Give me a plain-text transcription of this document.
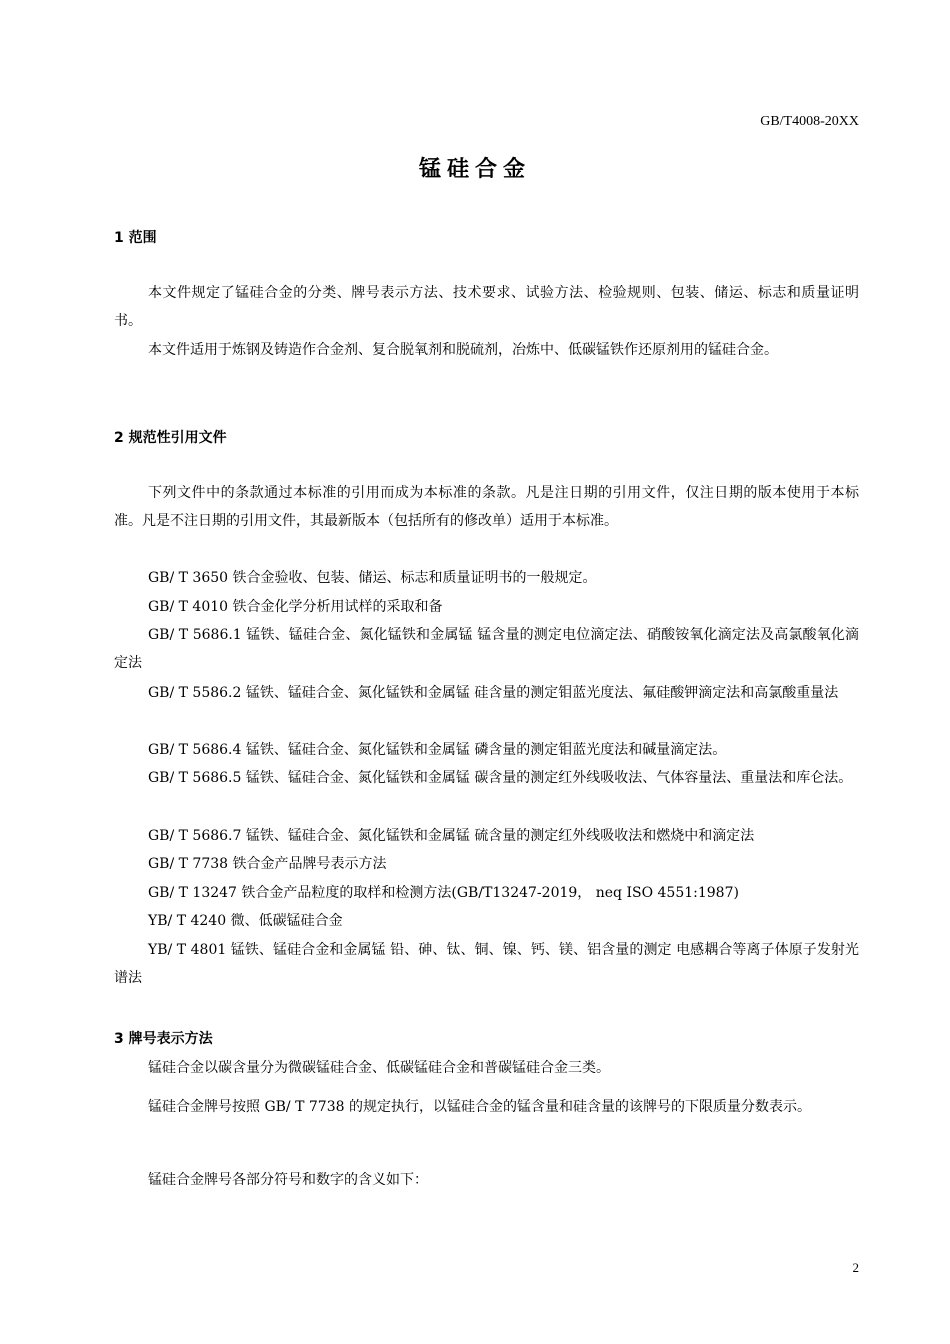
GB/T4008-20XX
锰硅合金
1 范围

本文件规定了锰硅合金的分类、牌号表示方法、技术要求、试验方法、检验规则、包装、储运、标志和质量证明书。

本文件适用于炼钢及铸造作合金剂、复合脱氧剂和脱硫剂，冶炼中、低碳锰铁作还原剂用的锰硅合金。

2 规范性引用文件

下列文件中的条款通过本标准的引用而成为本标准的条款。凡是注日期的引用文件，仅注日期的版本使用于本标准。凡是不注日期的引用文件，其最新版本（包括所有的修改单）适用于本标准。

GB/ T 3650 铁合金验收、包装、储运、标志和质量证明书的一般规定。

GB/ T 4010 铁合金化学分析用试样的采取和备

GB/ T 5686.1 锰铁、锰硅合金、氮化锰铁和金属锰 锰含量的测定电位滴定法、硝酸铵氧化滴定法及高氯酸氧化滴定法

GB/ T 5586.2 锰铁、锰硅合金、氮化锰铁和金属锰 硅含量的测定钼蓝光度法、氟硅酸钾滴定法和高氯酸重量法

GB/ T 5686.4 锰铁、锰硅合金、氮化锰铁和金属锰 磷含量的测定钼蓝光度法和碱量滴定法。

GB/ T 5686.5 锰铁、锰硅合金、氮化锰铁和金属锰 碳含量的测定红外线吸收法、气体容量法、重量法和库仑法。

GB/ T 5686.7 锰铁、锰硅合金、氮化锰铁和金属锰 硫含量的测定红外线吸收法和燃烧中和滴定法

GB/ T 7738 铁合金产品牌号表示方法

GB/ T 13247 铁合金产品粒度的取样和检测方法(GB/T13247-2019， neq ISO 4551:1987)

YB/ T 4240 微、低碳锰硅合金

YB/ T 4801 锰铁、锰硅合金和金属锰 铅、砷、钛、铜、镍、钙、镁、铝含量的测定 电感耦合等离子体原子发射光谱法

3 牌号表示方法

锰硅合金以碳含量分为微碳锰硅合金、低碳锰硅合金和普碳锰硅合金三类。

锰硅合金牌号按照 GB/ T 7738 的规定执行，以锰硅合金的锰含量和硅含量的该牌号的下限质量分数表示。

锰硅合金牌号各部分符号和数字的含义如下：

2
